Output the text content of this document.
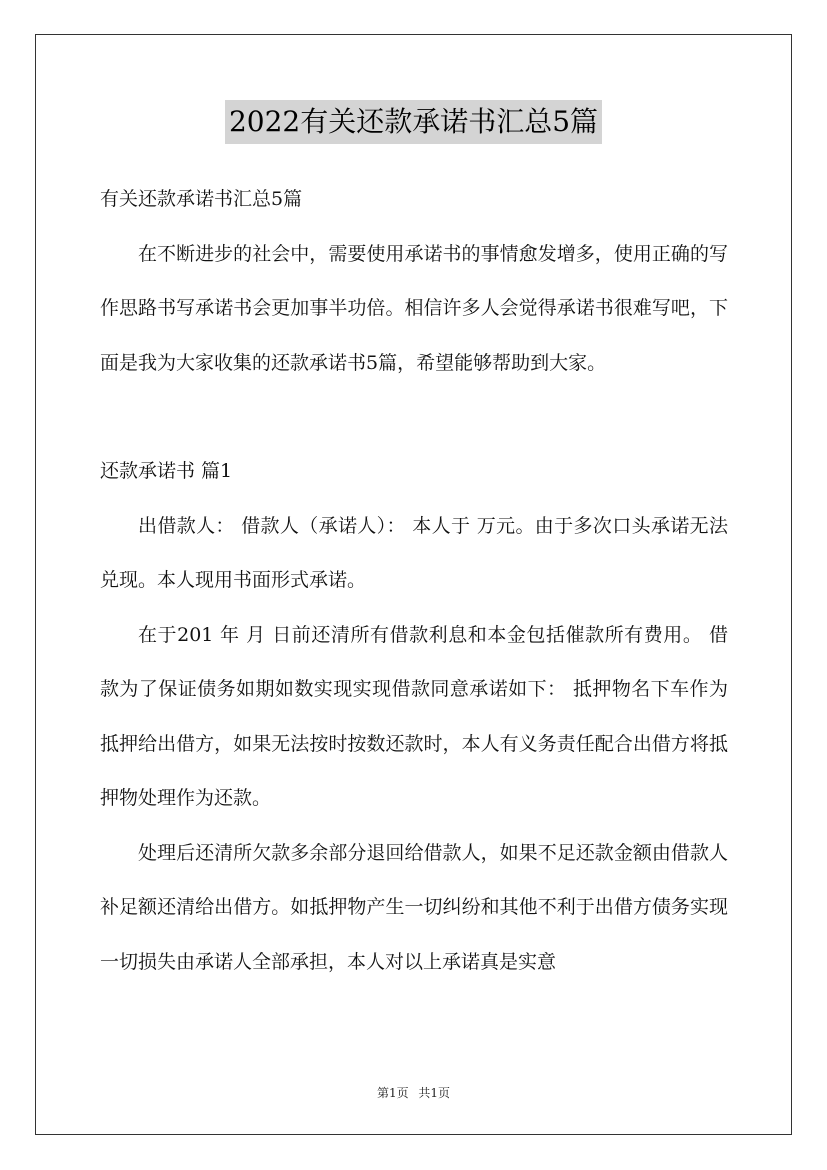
2022有关还款承诺书汇总5篇

有关还款承诺书汇总5篇

在不断进步的社会中，需要使用承诺书的事情愈发增多，使用正确的写作思路书写承诺书会更加事半功倍。相信许多人会觉得承诺书很难写吧，下面是我为大家收集的还款承诺书5篇，希望能够帮助到大家。

还款承诺书 篇1

出借款人： 借款人（承诺人）： 本人于 万元。由于多次口头承诺无法兑现。本人现用书面形式承诺。

在于201 年 月 日前还清所有借款利息和本金包括催款所有费用。 借款为了保证债务如期如数实现实现借款同意承诺如下： 抵押物名下车作为抵押给出借方，如果无法按时按数还款时，本人有义务责任配合出借方将抵押物处理作为还款。

处理后还清所欠款多余部分退回给借款人，如果不足还款金额由借款人补足额还清给出借方。如抵押物产生一切纠纷和其他不利于出借方债务实现一切损失由承诺人全部承担，本人对以上承诺真是实意

第1页 共1页
